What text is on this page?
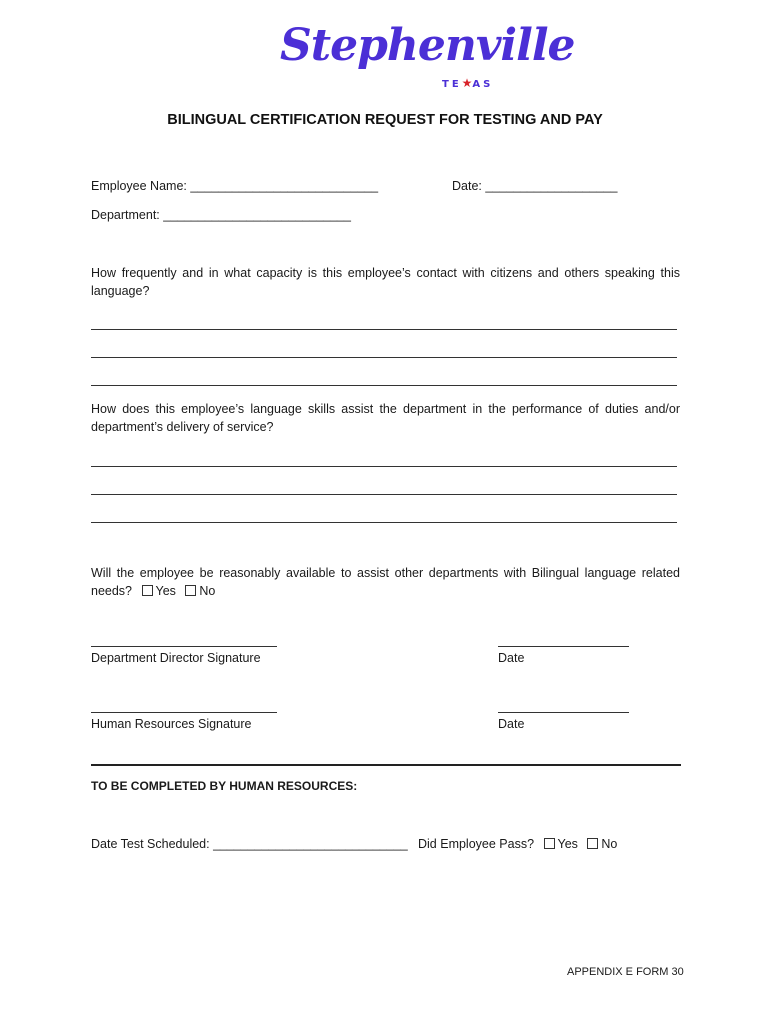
Stephenville
TE★AS
BILINGUAL CERTIFICATION REQUEST FOR TESTING AND PAY
Employee Name: ___________________________	Date: ___________________
Department: ___________________________
How frequently and in what capacity is this employee’s contact with citizens and others speaking this language?
How does this employee’s language skills assist the department in the performance of duties and/or department’s delivery of service?
Will the employee be reasonably available to assist other departments with Bilingual language related needs? Yes No
Department Director Signature	Date
Human Resources Signature	Date
TO BE COMPLETED BY HUMAN RESOURCES:
Date Test Scheduled: ____________________________ Did Employee Pass? Yes No
APPENDIX E FORM 30
